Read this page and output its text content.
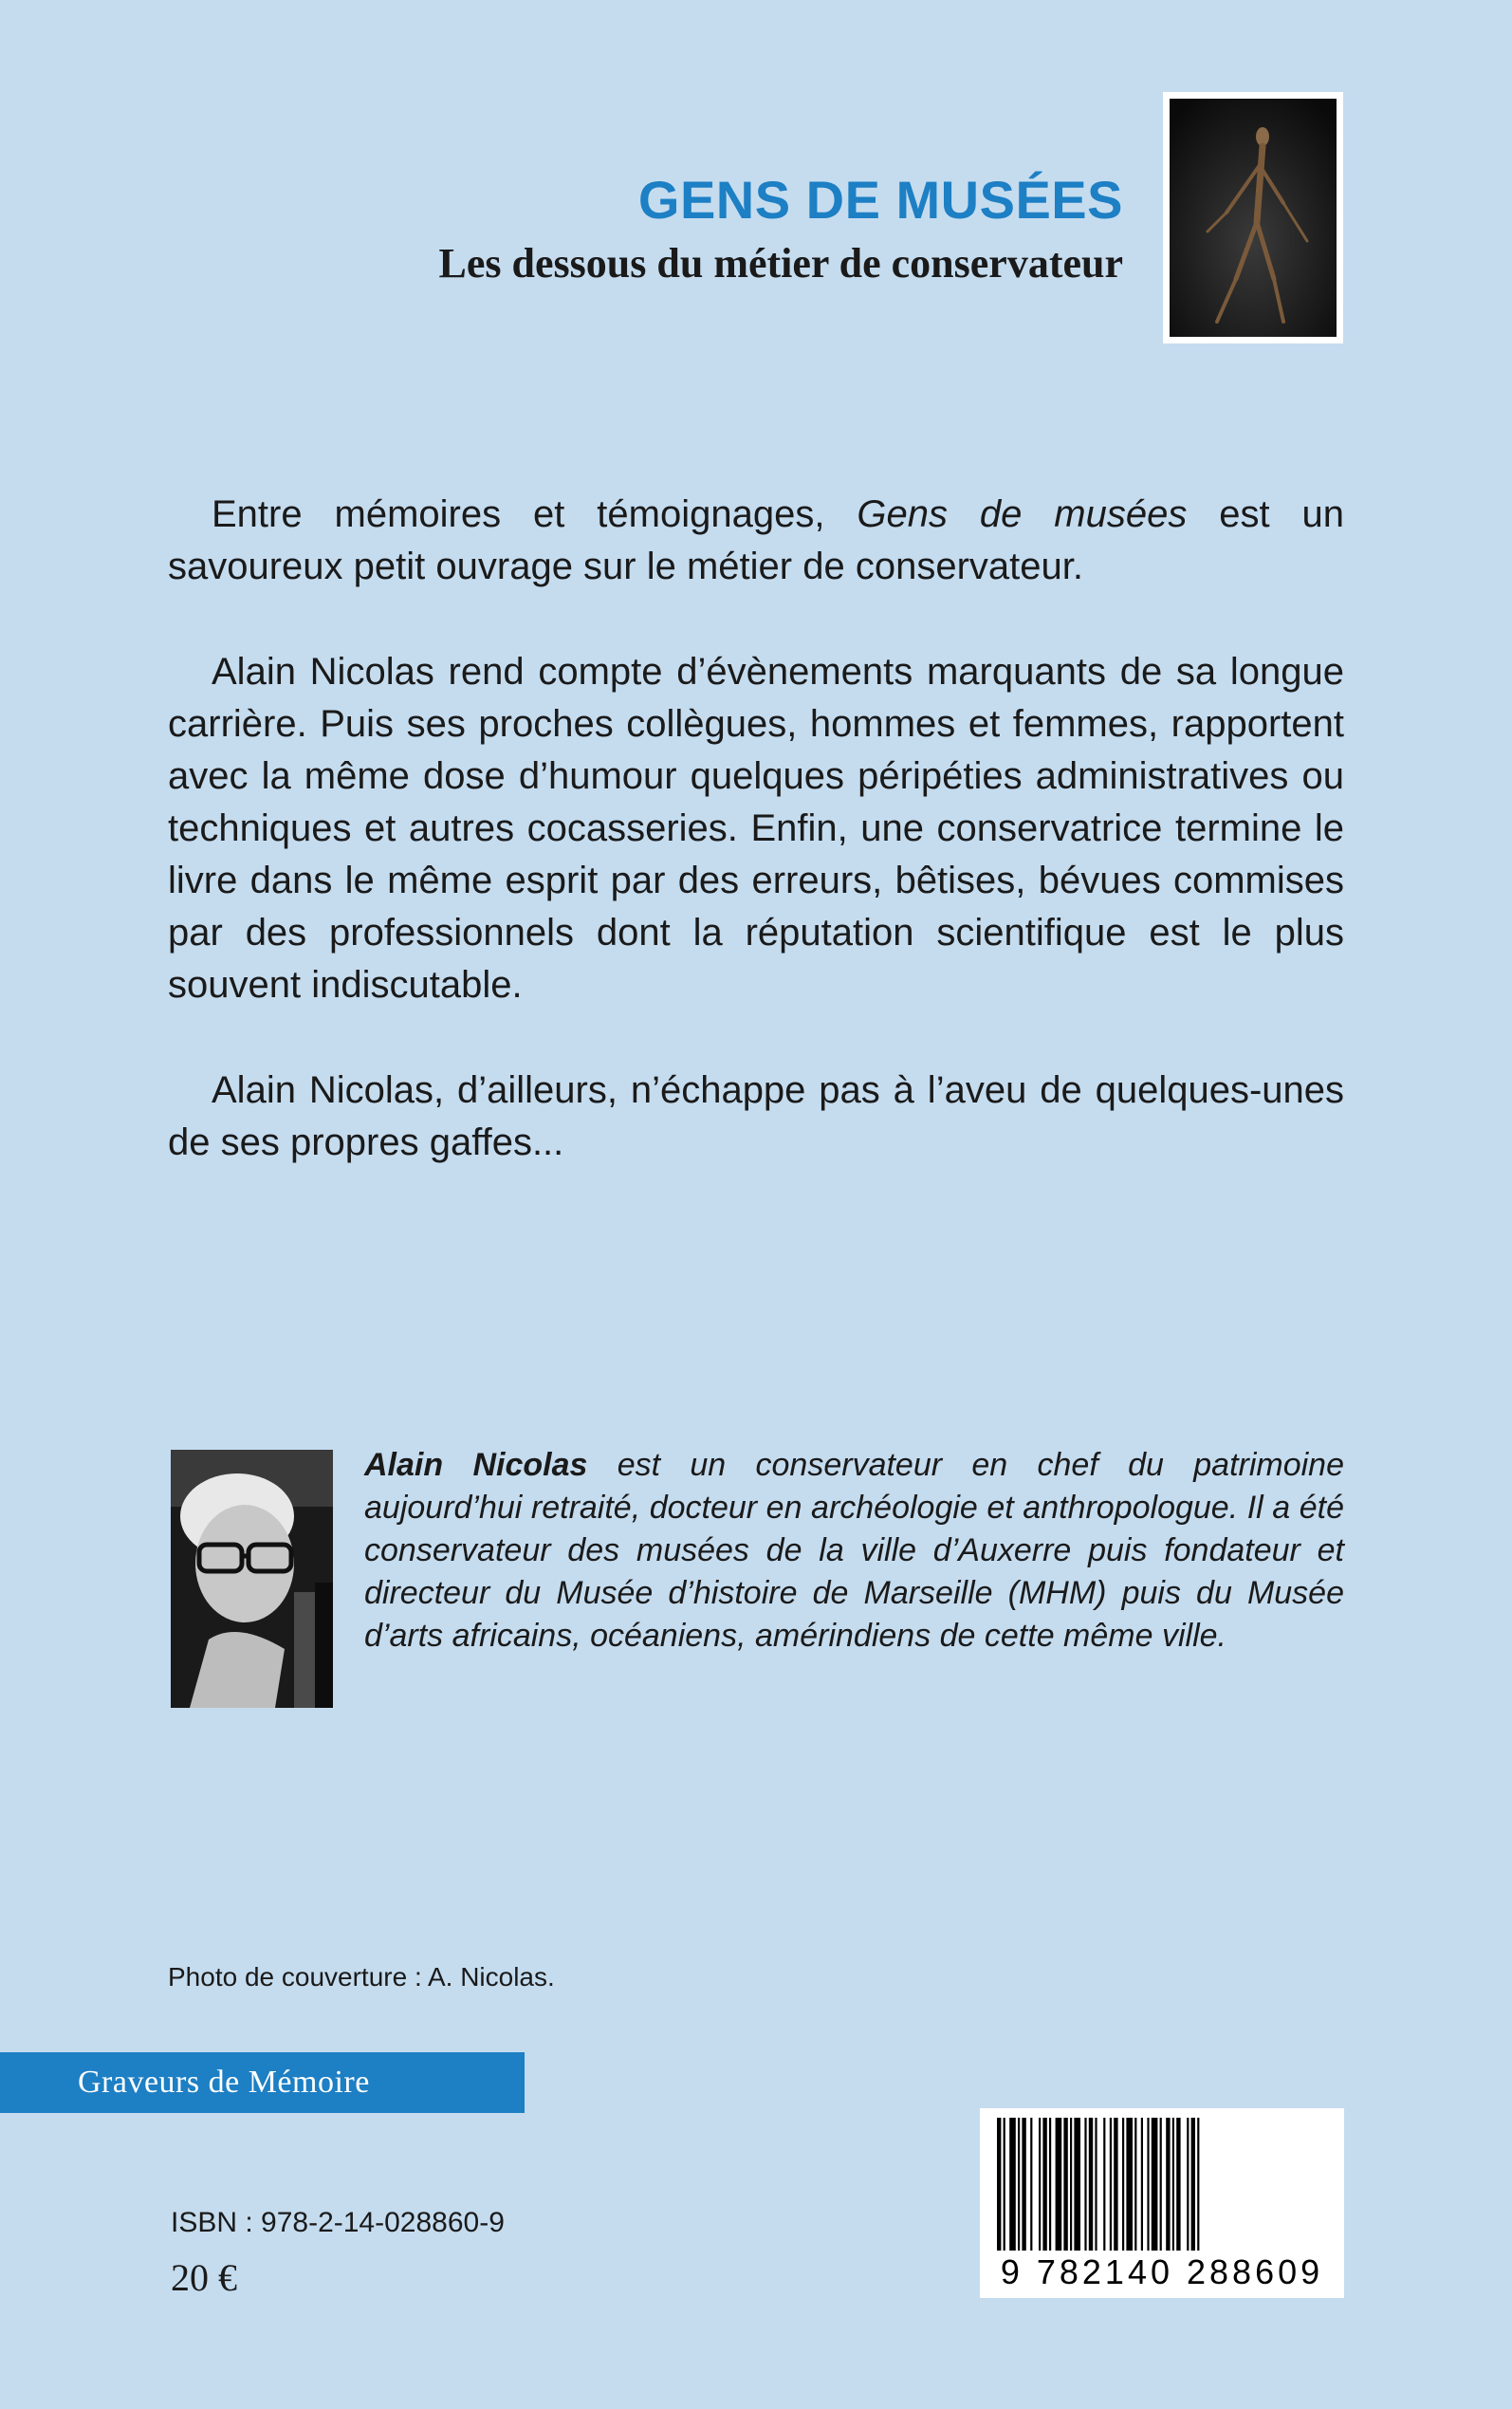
GENS DE MUSÉES
Les dessous du métier de conservateur

Entre mémoires et témoignages, Gens de musées est un savoureux petit ouvrage sur le métier de conservateur.

Alain Nicolas rend compte d’évènements marquants de sa longue carrière. Puis ses proches collègues, hommes et femmes, rapportent avec la même dose d’humour quelques péripéties administratives ou techniques et autres cocasseries. Enfin, une conservatrice termine le livre dans le même esprit par des erreurs, bêtises, bévues commises par des professionnels dont la réputation scientifique est le plus souvent indiscutable.

Alain Nicolas, d’ailleurs, n’échappe pas à l’aveu de quelques-unes de ses propres gaffes...

Alain Nicolas est un conservateur en chef du patrimoine aujourd’hui retraité, docteur en archéologie et anthropologue. Il a été conservateur des musées de la ville d’Auxerre puis fondateur et directeur du Musée d’histoire de Marseille (MHM) puis du Musée d’arts africains, océaniens, amérindiens de cette même ville.
Photo de couverture : A. Nicolas.
Graveurs de Mémoire
ISBN : 978-2-14-028860-9
20 €	9 782140 288609
